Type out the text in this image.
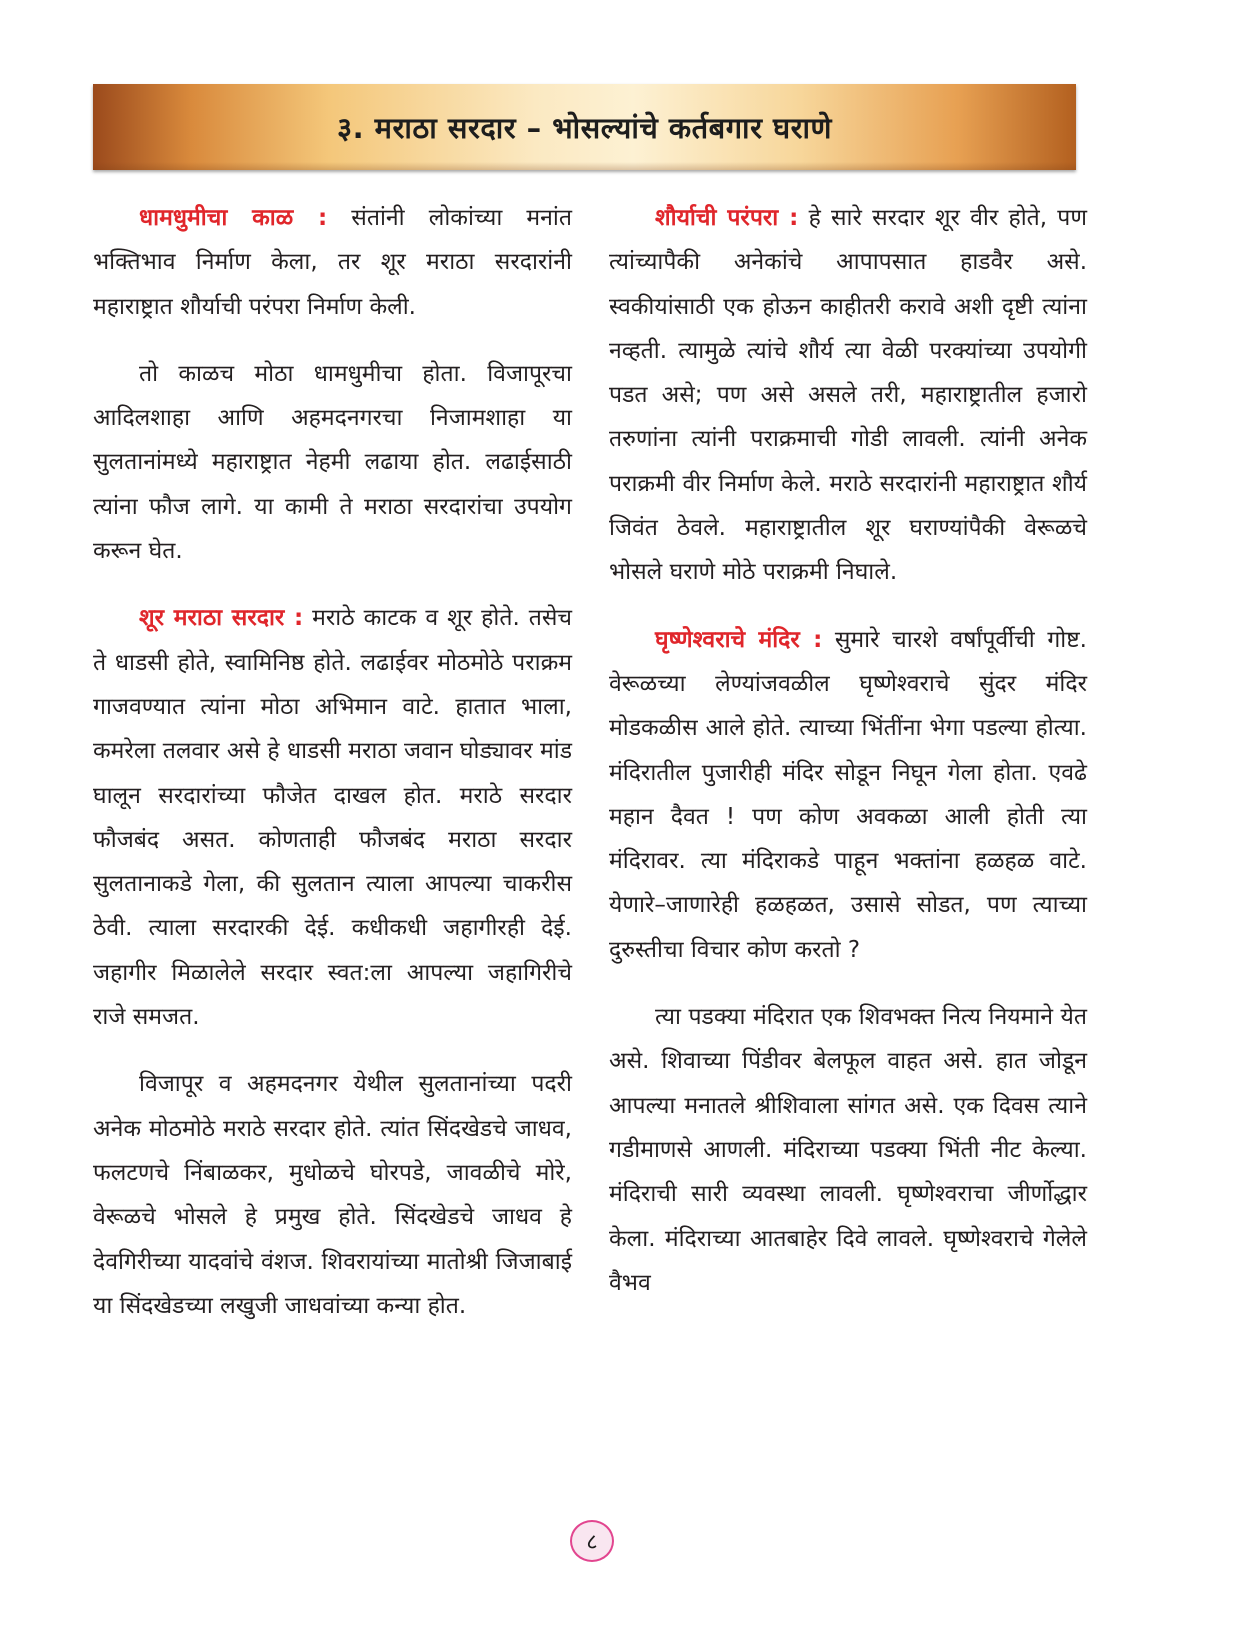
३. मराठा सरदार – भोसल्यांचे कर्तबगार घराणे

धामधुमीचा काळ : संतांनी लोकांच्या मनांत भक्तिभाव निर्माण केला, तर शूर मराठा सरदारांनी महाराष्ट्रात शौर्याची परंपरा निर्माण केली.

तो काळच मोठा धामधुमीचा होता. विजापूरचा आदिलशाहा आणि अहमदनगरचा निजामशाहा या सुलतानांमध्ये महाराष्ट्रात नेहमी लढाया होत. लढाईसाठी त्यांना फौज लागे. या कामी ते मराठा सरदारांचा उपयोग करून घेत.

शूर मराठा सरदार : मराठे काटक व शूर होते. तसेच ते धाडसी होते, स्वामिनिष्ठ होते. लढाईवर मोठमोठे पराक्रम गाजवण्यात त्यांना मोठा अभिमान वाटे. हातात भाला, कमरेला तलवार असे हे धाडसी मराठा जवान घोड्यावर मांड घालून सरदारांच्या फौजेत दाखल होत. मराठे सरदार फौजबंद असत. कोणताही फौजबंद मराठा सरदार सुलतानाकडे गेला, की सुलतान त्याला आपल्या चाकरीस ठेवी. त्याला सरदारकी देई. कधीकधी जहागीरही देई. जहागीर मिळालेले सरदार स्वत:ला आपल्या जहागिरीचे राजे समजत.

विजापूर व अहमदनगर येथील सुलतानांच्या पदरी अनेक मोठमोठे मराठे सरदार होते. त्यांत सिंदखेडचे जाधव, फलटणचे निंबाळकर, मुधोळचे घोरपडे, जावळीचे मोरे, वेरूळचे भोसले हे प्रमुख होते. सिंदखेडचे जाधव हे देवगिरीच्या यादवांचे वंशज. शिवरायांच्या मातोश्री जिजाबाई या सिंदखेडच्या लखुजी जाधवांच्या कन्या होत.

शौर्याची परंपरा : हे सारे सरदार शूर वीर होते, पण त्यांच्यापैकी अनेकांचे आपापसात हाडवैर असे. स्वकीयांसाठी एक होऊन काहीतरी करावे अशी दृष्टी त्यांना नव्हती. त्यामुळे त्यांचे शौर्य त्या वेळी परक्यांच्या उपयोगी पडत असे; पण असे असले तरी, महाराष्ट्रातील हजारो तरुणांना त्यांनी पराक्रमाची गोडी लावली. त्यांनी अनेक पराक्रमी वीर निर्माण केले. मराठे सरदारांनी महाराष्ट्रात शौर्य जिवंत ठेवले. महाराष्ट्रातील शूर घराण्यांपैकी वेरूळचे भोसले घराणे मोठे पराक्रमी निघाले.

घृष्णेश्वराचे मंदिर : सुमारे चारशे वर्षांपूर्वीची गोष्ट. वेरूळच्या लेण्यांजवळील घृष्णेश्वराचे सुंदर मंदिर मोडकळीस आले होते. त्याच्या भिंतींना भेगा पडल्या होत्या. मंदिरातील पुजारीही मंदिर सोडून निघून गेला होता. एवढे महान दैवत ! पण कोण अवकळा आली होती त्या मंदिरावर. त्या मंदिराकडे पाहून भक्तांना हळहळ वाटे. येणारे–जाणारेही हळहळत, उसासे सोडत, पण त्याच्या दुरुस्तीचा विचार कोण करतो ?

त्या पडक्या मंदिरात एक शिवभक्त नित्य नियमाने येत असे. शिवाच्या पिंडीवर बेलफूल वाहत असे. हात जोडून आपल्या मनातले श्रीशिवाला सांगत असे. एक दिवस त्याने गडीमाणसे आणली. मंदिराच्या पडक्या भिंती नीट केल्या. मंदिराची सारी व्यवस्था लावली. घृष्णेश्वराचा जीर्णोद्धार केला. मंदिराच्या आतबाहेर दिवे लावले. घृष्णेश्वराचे गेलेले वैभव

८
